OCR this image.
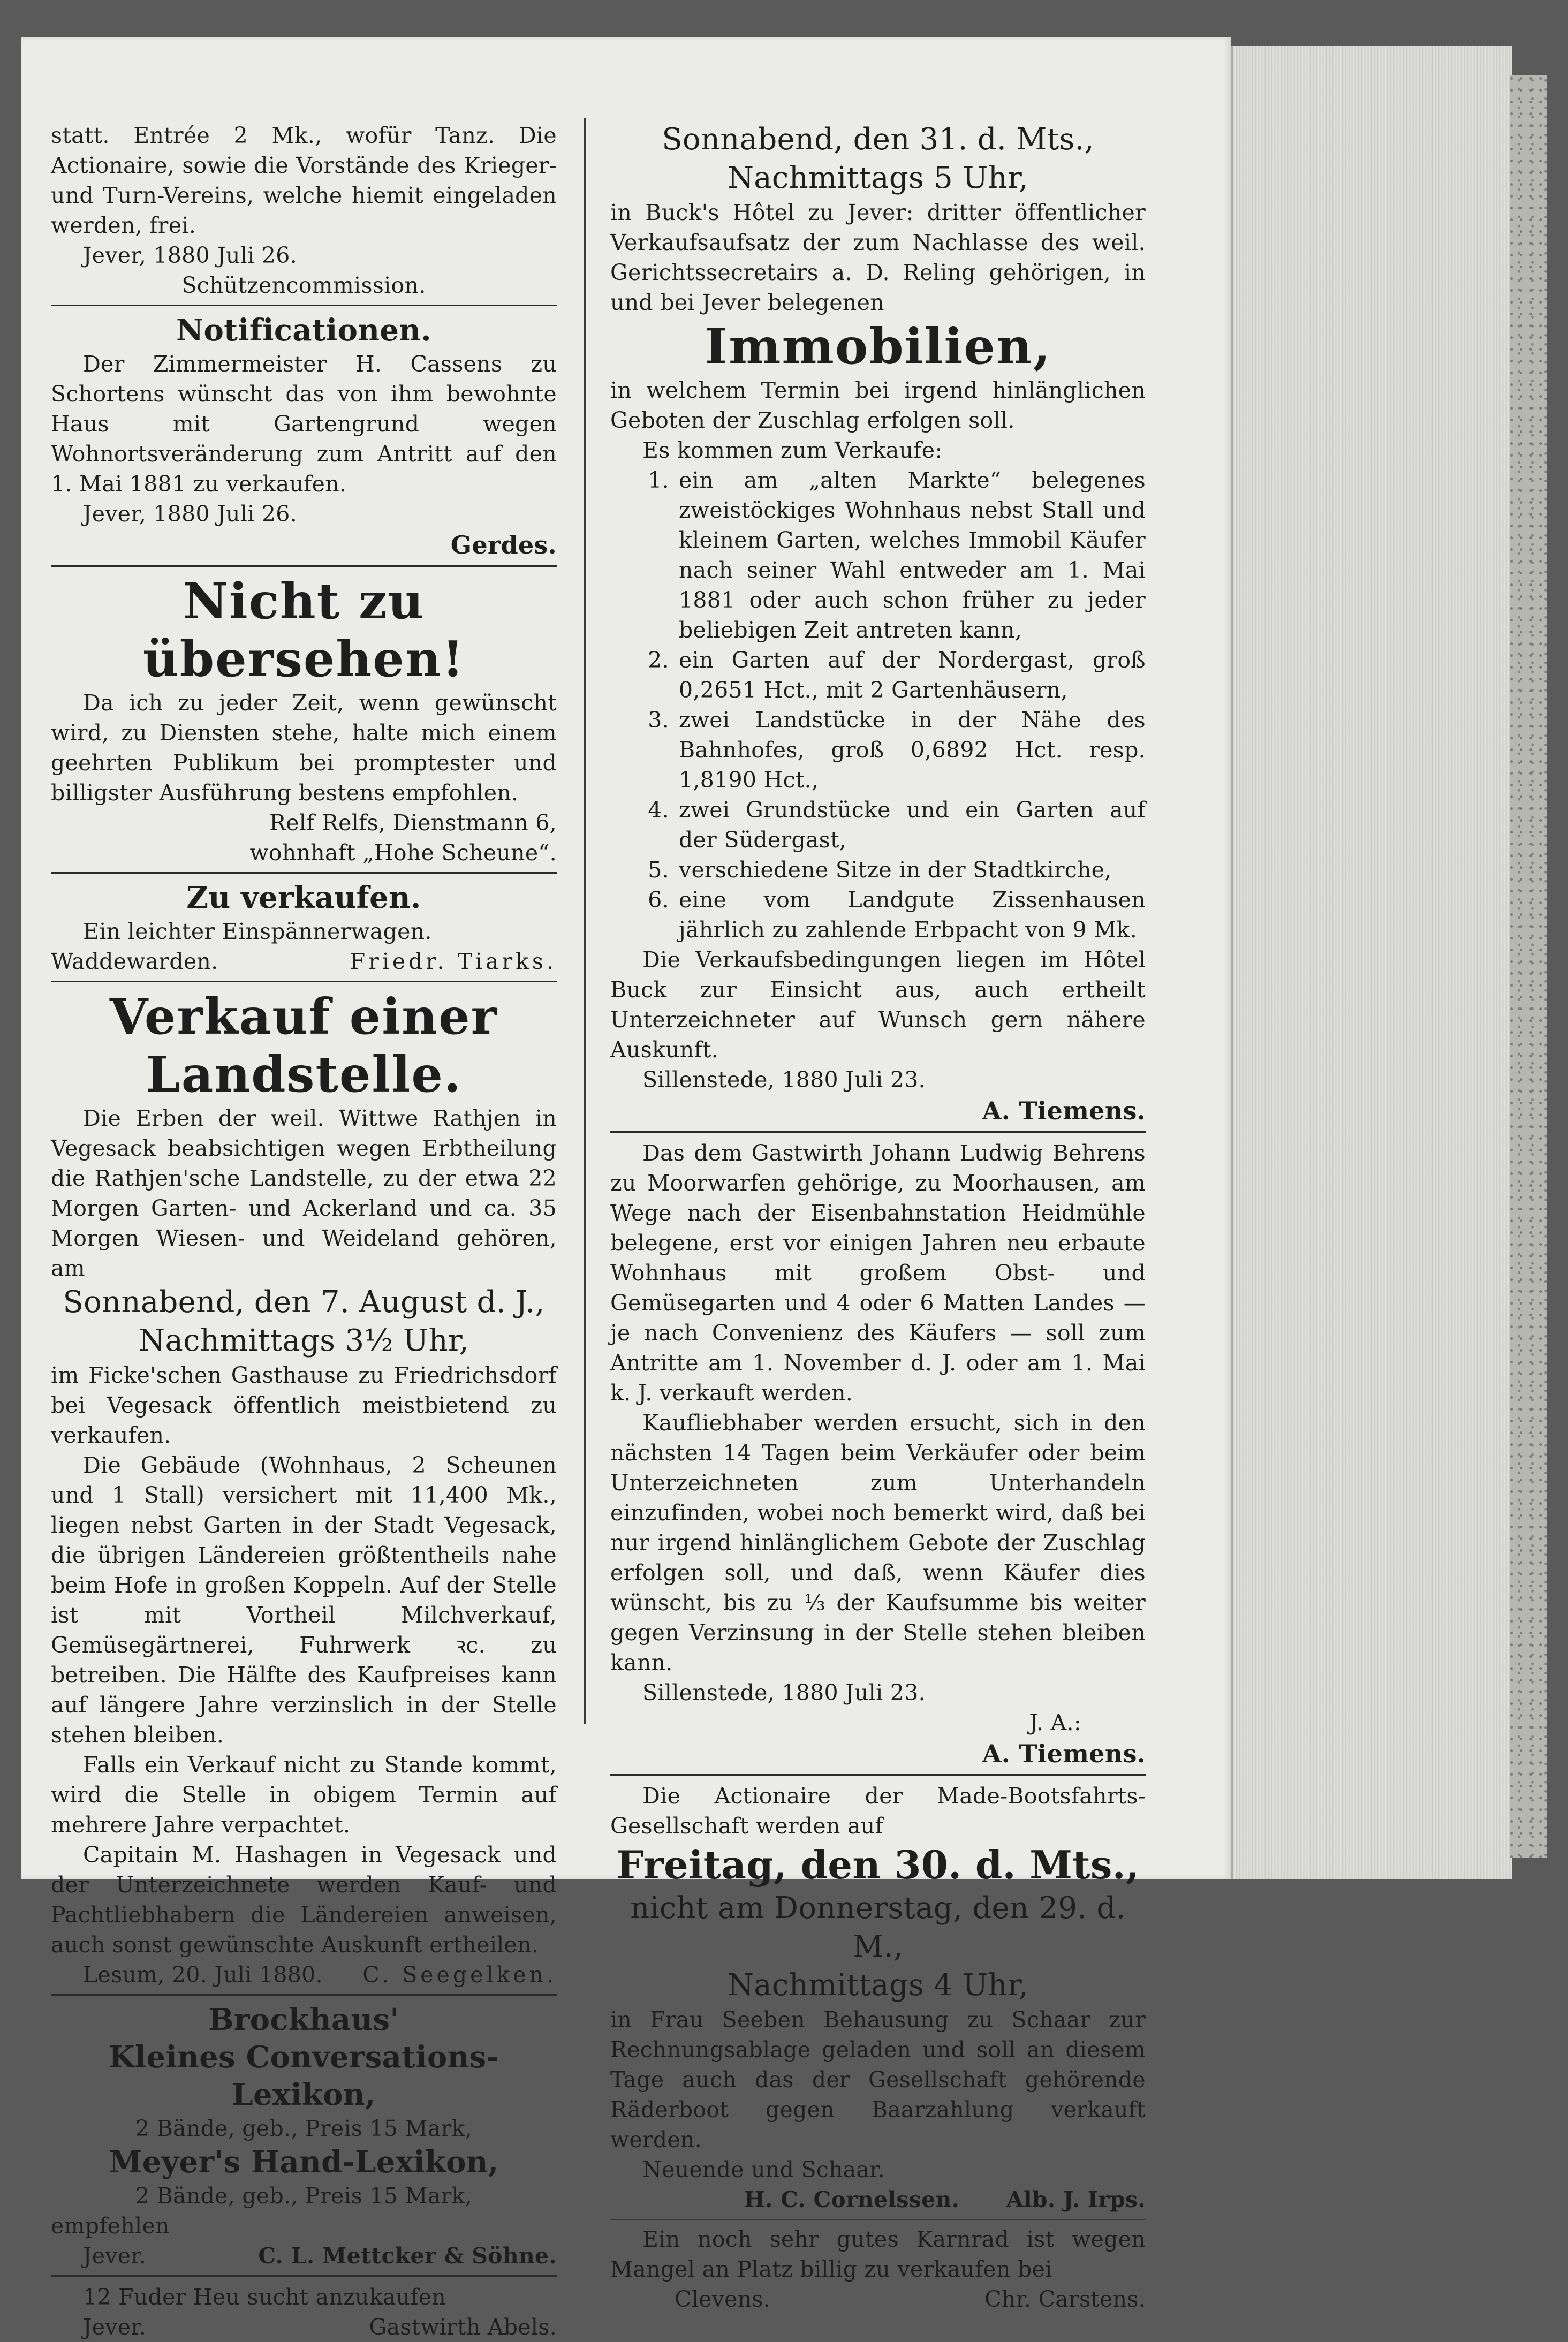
statt. Entrée 2 Mk., wofür Tanz. Die Actionaire, sowie die Vorstände des Krieger- und Turn-Vereins, welche hiemit eingeladen werden, frei.

Jever, 1880 Juli 26.

Schützencommission.

Notificationen.

Der Zimmermeister H. Cassens zu Schortens wünscht das von ihm bewohnte Haus mit Gartengrund wegen Wohnortsveränderung zum Antritt auf den 1. Mai 1881 zu verkaufen.

Jever, 1880 Juli 26.

Gerdes.

Nicht zu übersehen!

Da ich zu jeder Zeit, wenn gewünscht wird, zu Diensten stehe, halte mich einem geehrten Publikum bei promptester und billigster Ausführung bestens empfohlen.

Relf Relfs, Dienstmann 6,

wohnhaft „Hohe Scheune“.

Zu verkaufen.

Ein leichter Einspännerwagen.

Waddewarden.	Friedr. Tiarks.
Verkauf einer Landstelle.

Die Erben der weil. Wittwe Rathjen in Vegesack beabsichtigen wegen Erbtheilung die Rathjen'sche Landstelle, zu der etwa 22 Morgen Garten- und Ackerland und ca. 35 Morgen Wiesen- und Weideland gehören, am

Sonnabend, den 7. August d. J.,
Nachmittags 3½ Uhr,

im Ficke'schen Gasthause zu Friedrichsdorf bei Vegesack öffentlich meistbietend zu verkaufen.

Die Gebäude (Wohnhaus, 2 Scheunen und 1 Stall) versichert mit 11,400 Mk., liegen nebst Garten in der Stadt Vegesack, die übrigen Ländereien größtentheils nahe beim Hofe in großen Koppeln. Auf der Stelle ist mit Vortheil Milchverkauf, Gemüsegärtnerei, Fuhrwerk ꝛc. zu betreiben. Die Hälfte des Kaufpreises kann auf längere Jahre verzinslich in der Stelle stehen bleiben.

Falls ein Verkauf nicht zu Stande kommt, wird die Stelle in obigem Termin auf mehrere Jahre verpachtet.

Capitain M. Hashagen in Vegesack und der Unterzeichnete werden Kauf- und Pachtliebhabern die Ländereien anweisen, auch sonst gewünschte Auskunft ertheilen.

Lesum, 20. Juli 1880. C. Seegelken.
Brockhaus'
Kleines Conversations-Lexikon,

2 Bände, geb., Preis 15 Mark,

Meyer's Hand-Lexikon,

2 Bände, geb., Preis 15 Mark,

empfehlen

Jever.	C. L. Mettcker & Söhne.

12 Fuder Heu sucht anzukaufen

Jever.	Gastwirth Abels.
Sonnabend, den 31. d. Mts.,
Nachmittags 5 Uhr,

in Buck's Hôtel zu Jever: dritter öffentlicher Verkaufsaufsatz der zum Nachlasse des weil. Gerichtssecretairs a. D. Reling gehörigen, in und bei Jever belegenen

Immobilien,

in welchem Termin bei irgend hinlänglichen Geboten der Zuschlag erfolgen soll.

Es kommen zum Verkaufe:

1. ein am „alten Markte“ belegenes zweistöckiges Wohnhaus nebst Stall und kleinem Garten, welches Immobil Käufer nach seiner Wahl entweder am 1. Mai 1881 oder auch schon früher zu jeder beliebigen Zeit antreten kann,
2. ein Garten auf der Nordergast, groß 0,2651 Hct., mit 2 Gartenhäusern,
3. zwei Landstücke in der Nähe des Bahnhofes, groß 0,6892 Hct. resp. 1,8190 Hct.,
4. zwei Grundstücke und ein Garten auf der Südergast,
5. verschiedene Sitze in der Stadtkirche,
6. eine vom Landgute Zissenhausen jährlich zu zahlende Erbpacht von 9 Mk.

Die Verkaufsbedingungen liegen im Hôtel Buck zur Einsicht aus, auch ertheilt Unterzeichneter auf Wunsch gern nähere Auskunft.

Sillenstede, 1880 Juli 23.

A. Tiemens.

Das dem Gastwirth Johann Ludwig Behrens zu Moorwarfen gehörige, zu Moorhausen, am Wege nach der Eisenbahnstation Heidmühle belegene, erst vor einigen Jahren neu erbaute Wohnhaus mit großem Obst- und Gemüsegarten und 4 oder 6 Matten Landes — je nach Convenienz des Käufers — soll zum Antritte am 1. November d. J. oder am 1. Mai k. J. verkauft werden.

Kaufliebhaber werden ersucht, sich in den nächsten 14 Tagen beim Verkäufer oder beim Unterzeichneten zum Unterhandeln einzufinden, wobei noch bemerkt wird, daß bei nur irgend hinlänglichem Gebote der Zuschlag erfolgen soll, und daß, wenn Käufer dies wünscht, bis zu ⅓ der Kaufsumme bis weiter gegen Verzinsung in der Stelle stehen bleiben kann.

Sillenstede, 1880 Juli 23.

J. A.:

A. Tiemens.

Die Actionaire der Made-Bootsfahrts-Gesellschaft werden auf

Freitag, den 30. d. Mts.,
nicht am Donnerstag, den 29. d. M.,
Nachmittags 4 Uhr,

in Frau Seeben Behausung zu Schaar zur Rechnungsablage geladen und soll an diesem Tage auch das der Gesellschaft gehörende Räderboot gegen Baarzahlung verkauft werden.

Neuende und Schaar.

H. C. Cornelssen. Alb. J. Irps.

Ein noch sehr gutes Karnrad ist wegen Mangel an Platz billig zu verkaufen bei

Clevens.	Chr. Carstens.
